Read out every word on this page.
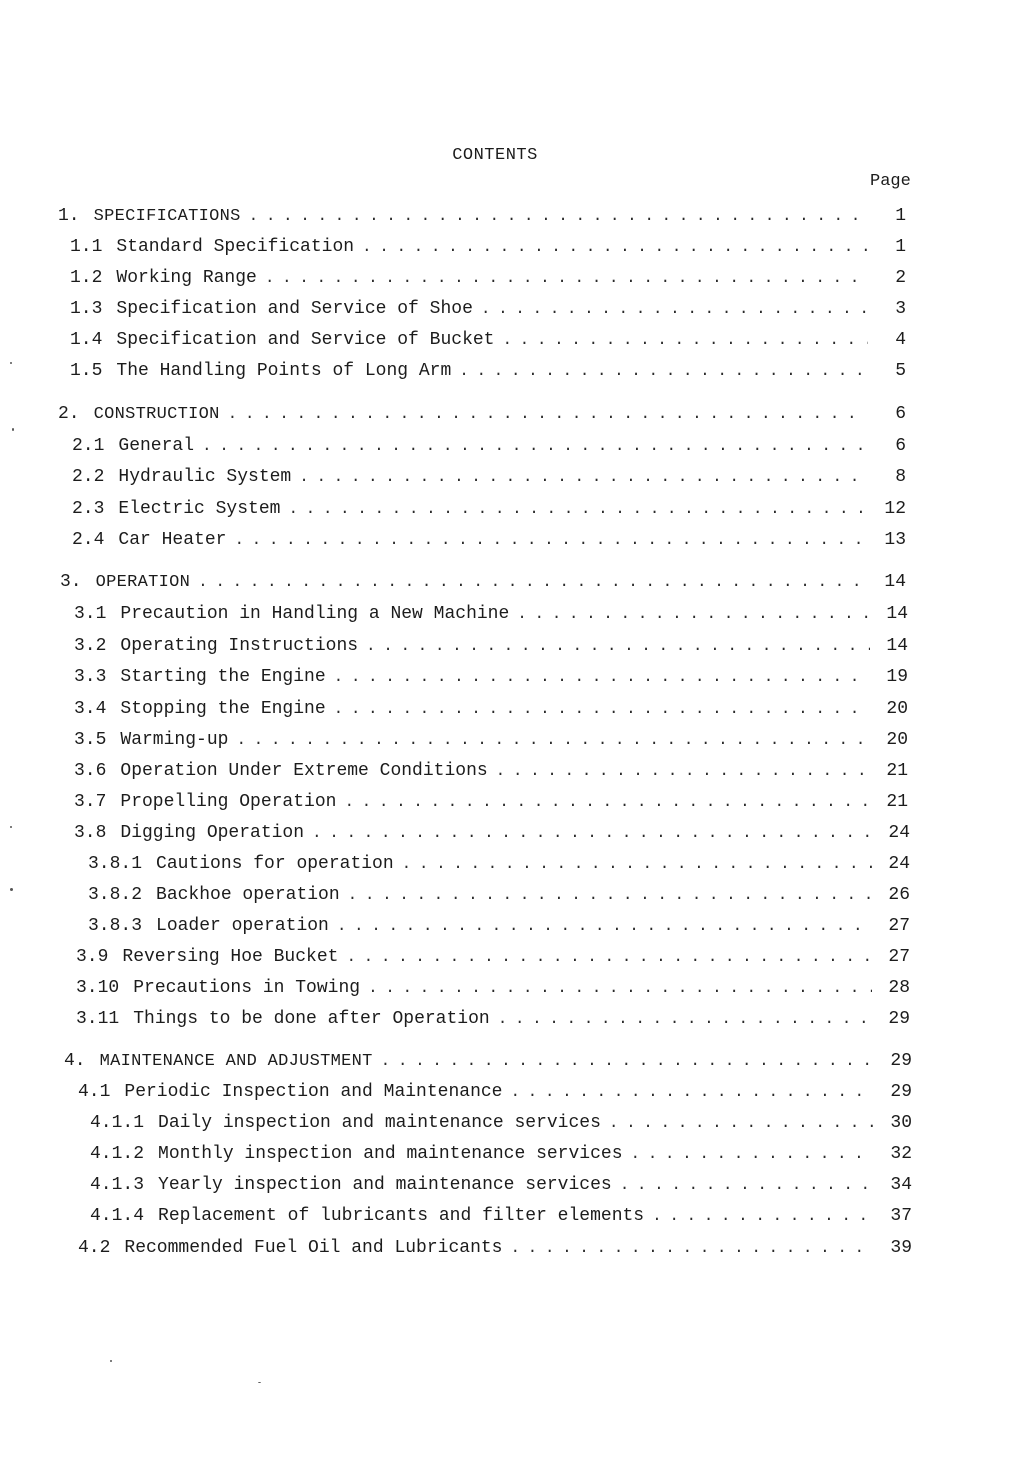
CONTENTS
Page
1. SPECIFICATIONS . . .	1
1.1 Standard Specification . . .	1
1.2 Working Range . . .	2
1.3 Specification and Service of Shoe . . .	3
1.4 Specification and Service of Bucket . . .	4
1.5 The Handling Points of Long Arm . . .	5
2. CONSTRUCTION . . .	6
2.1 General . . .	6
2.2 Hydraulic System . . .	8
2.3 Electric System . . .	12
2.4 Car Heater . . .	13
3. OPERATION . . .	14
3.1 Precaution in Handling a New Machine . . .	14
3.2 Operating Instructions . . .	14
3.3 Starting the Engine . . .	19
3.4 Stopping the Engine . . .	20
3.5 Warming-up . . .	20
3.6 Operation Under Extreme Conditions . . .	21
3.7 Propelling Operation . . .	21
3.8 Digging Operation . . .	24
3.8.1 Cautions for operation . . .	24
3.8.2 Backhoe operation . . .	26
3.8.3 Loader operation . . .	27
3.9 Reversing Hoe Bucket . . .	27
3.10 Precautions in Towing . . .	28
3.11 Things to be done after Operation . . .	29
4. MAINTENANCE AND ADJUSTMENT . . .	29
4.1 Periodic Inspection and Maintenance . . .	29
4.1.1 Daily inspection and maintenance services . . .	30
4.1.2 Monthly inspection and maintenance services . . .	32
4.1.3 Yearly inspection and maintenance services . . .	34
4.1.4 Replacement of lubricants and filter elements . . .	37
4.2 Recommended Fuel Oil and Lubricants . . .	39
